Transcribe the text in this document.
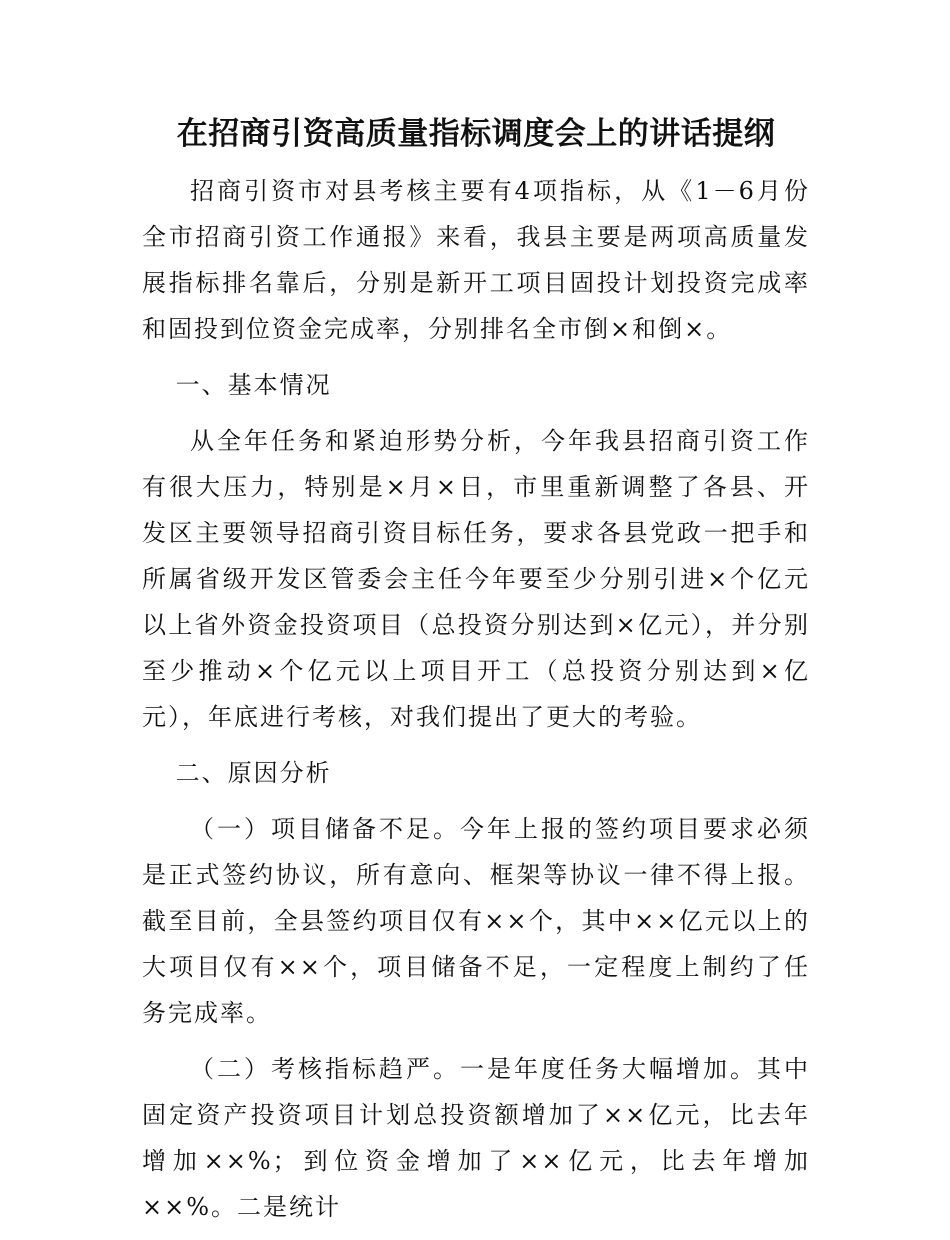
在招商引资高质量指标调度会上的讲话提纲

招商引资市对县考核主要有4项指标，从《1－6月份全市招商引资工作通报》来看，我县主要是两项高质量发展指标排名靠后，分别是新开工项目固投计划投资完成率和固投到位资金完成率，分别排名全市倒×和倒×。

一、基本情况

从全年任务和紧迫形势分析，今年我县招商引资工作有很大压力，特别是×月×日，市里重新调整了各县、开发区主要领导招商引资目标任务，要求各县党政一把手和所属省级开发区管委会主任今年要至少分别引进×个亿元以上省外资金投资项目（总投资分别达到×亿元），并分别至少推动×个亿元以上项目开工（总投资分别达到×亿元），年底进行考核，对我们提出了更大的考验。

二、原因分析

（一）项目储备不足。今年上报的签约项目要求必须是正式签约协议，所有意向、框架等协议一律不得上报。截至目前，全县签约项目仅有××个，其中××亿元以上的大项目仅有××个，项目储备不足，一定程度上制约了任务完成率。

（二）考核指标趋严。一是年度任务大幅增加。其中固定资产投资项目计划总投资额增加了××亿元，比去年增加××%；到位资金增加了××亿元，比去年增加××%。二是统计
